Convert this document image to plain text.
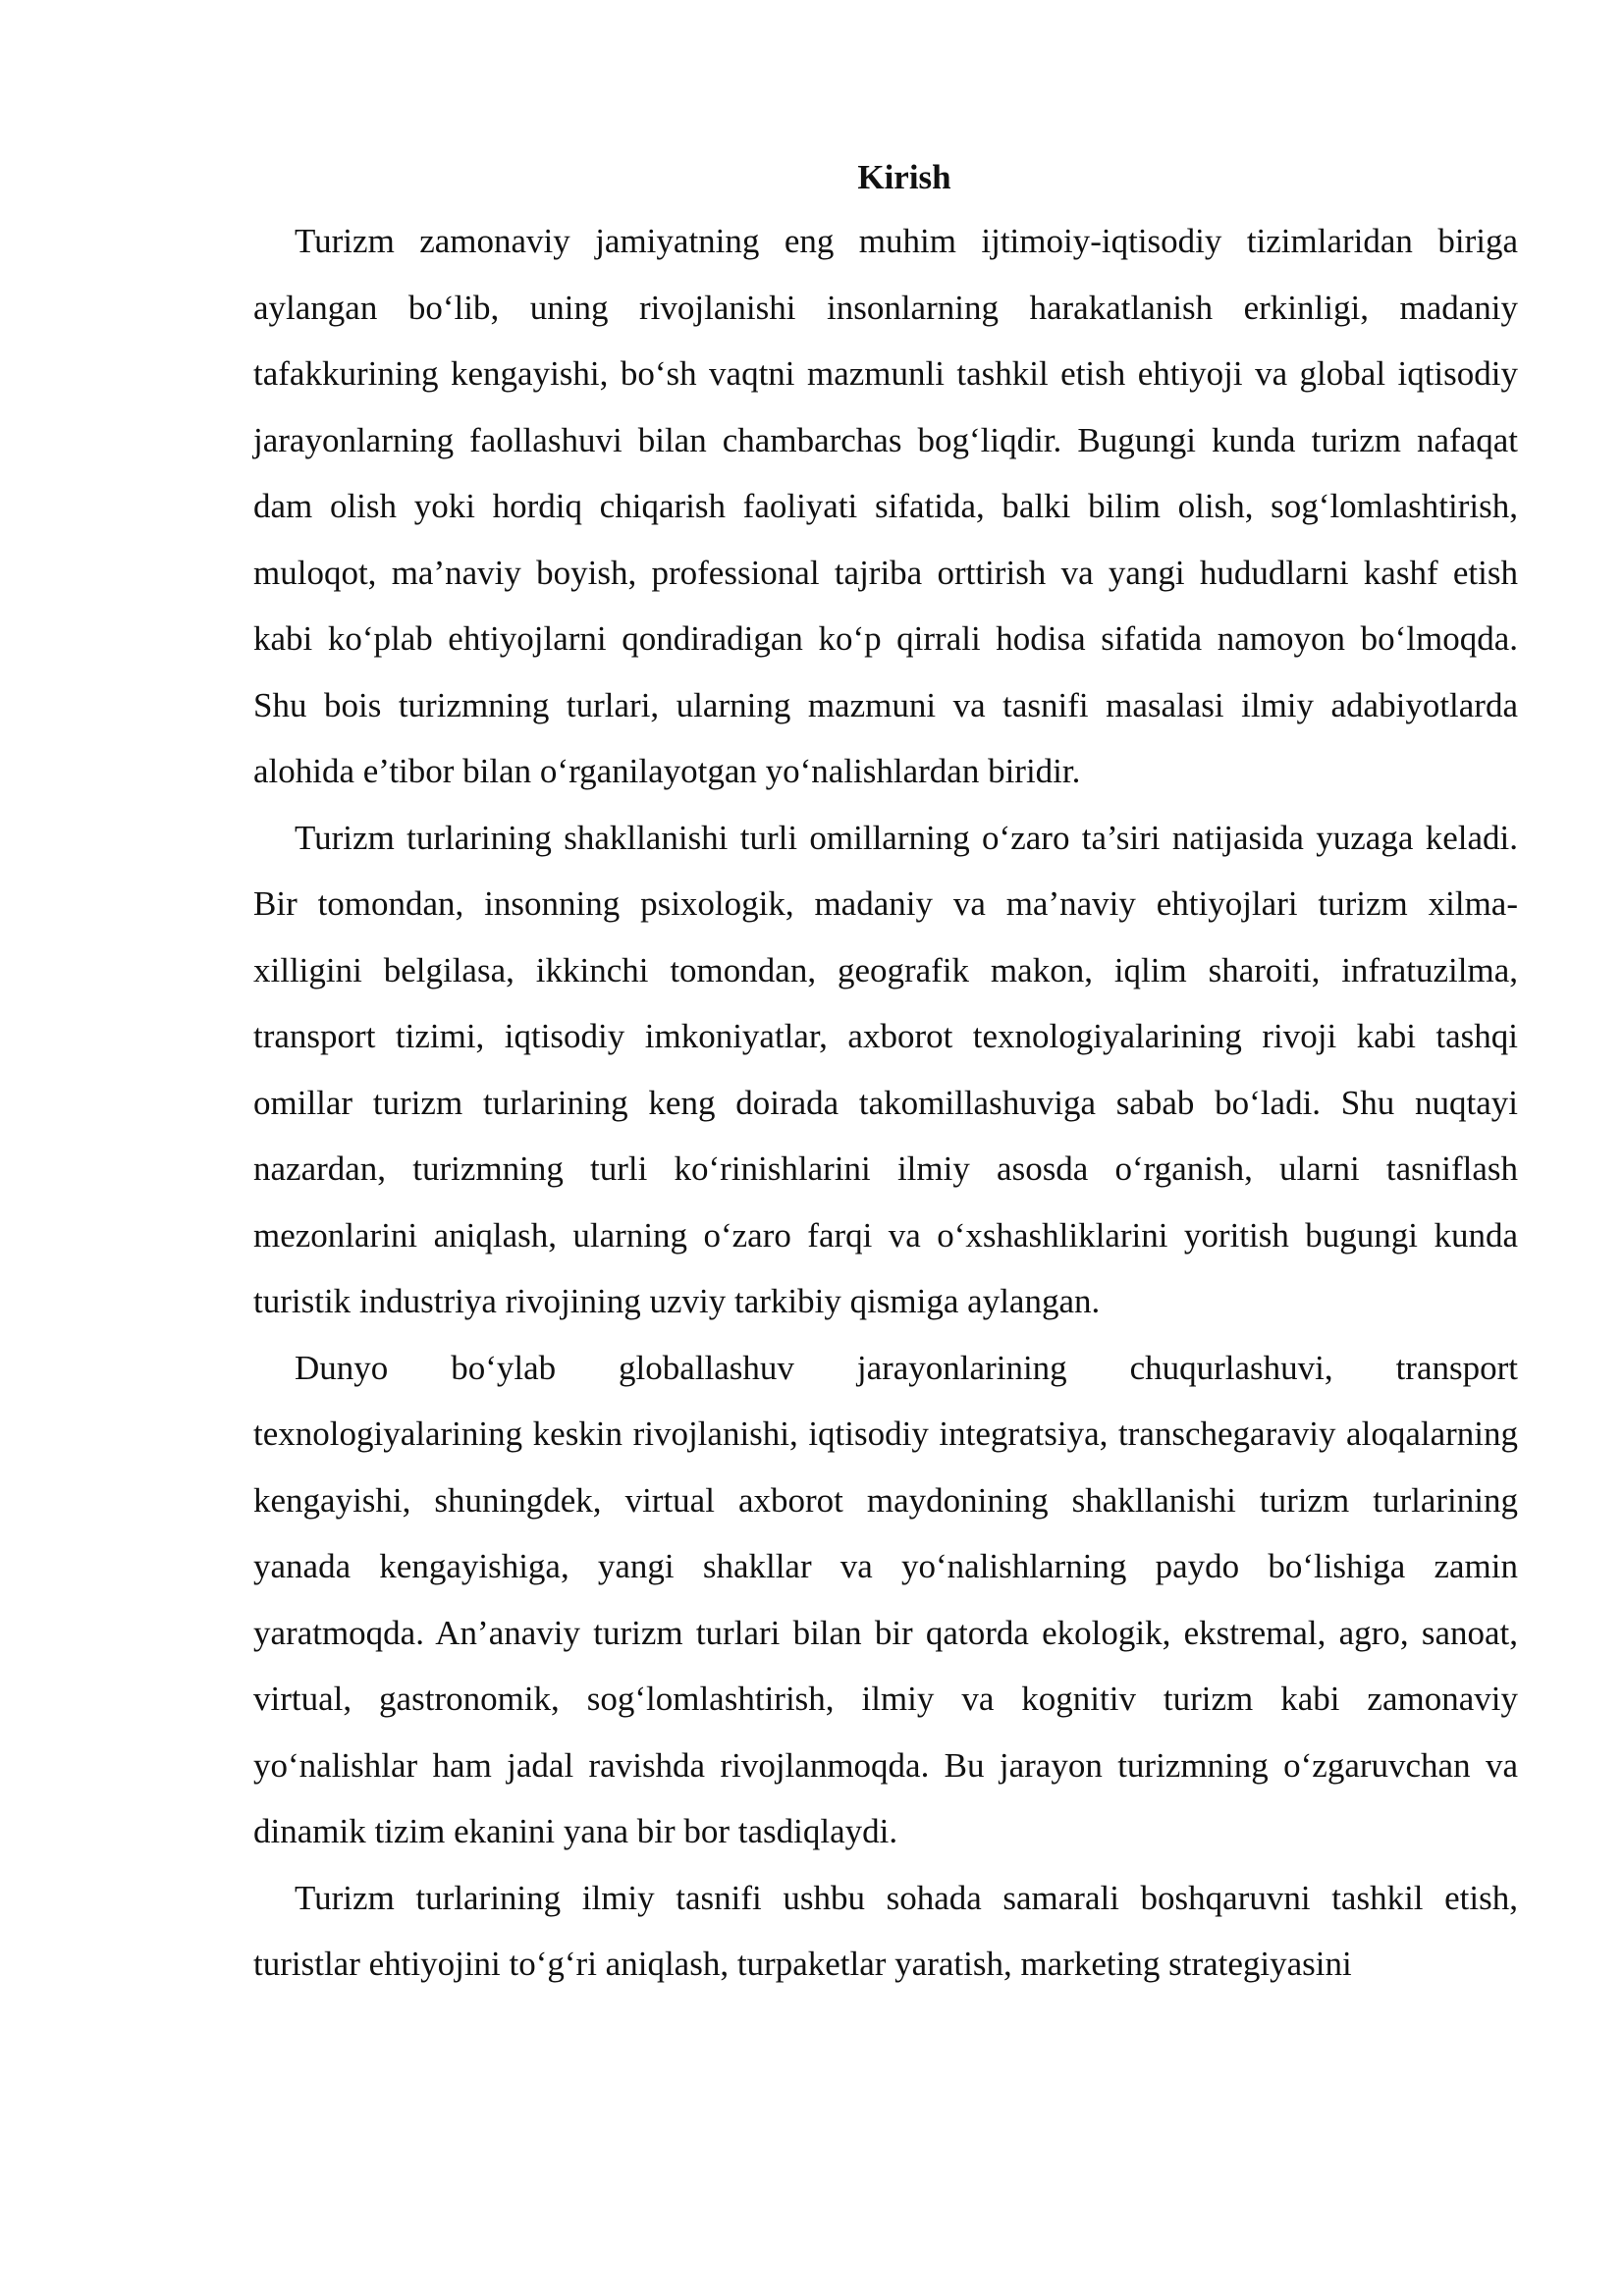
Kirish

Turizm zamonaviy jamiyatning eng muhim ijtimoiy-iqtisodiy tizimlaridan biriga aylangan bo‘lib, uning rivojlanishi insonlarning harakatlanish erkinligi, madaniy tafakkurining kengayishi, bo‘sh vaqtni mazmunli tashkil etish ehtiyoji va global iqtisodiy jarayonlarning faollashuvi bilan chambarchas bog‘liqdir. Bugungi kunda turizm nafaqat dam olish yoki hordiq chiqarish faoliyati sifatida, balki bilim olish, sog‘lomlashtirish, muloqot, ma’naviy boyish, professional tajriba orttirish va yangi hududlarni kashf etish kabi ko‘plab ehtiyojlarni qondiradigan ko‘p qirrali hodisa sifatida namoyon bo‘lmoqda. Shu bois turizmning turlari, ularning mazmuni va tasnifi masalasi ilmiy adabiyotlarda alohida e’tibor bilan o‘rganilayotgan yo‘nalishlardan biridir.

Turizm turlarining shakllanishi turli omillarning o‘zaro ta’siri natijasida yuzaga keladi. Bir tomondan, insonning psixologik, madaniy va ma’naviy ehtiyojlari turizm xilma-xilligini belgilasa, ikkinchi tomondan, geografik makon, iqlim sharoiti, infratuzilma, transport tizimi, iqtisodiy imkoniyatlar, axborot texnologiyalarining rivoji kabi tashqi omillar turizm turlarining keng doirada takomillashuviga sabab bo‘ladi. Shu nuqtayi nazardan, turizmning turli ko‘rinishlarini ilmiy asosda o‘rganish, ularni tasniflash mezonlarini aniqlash, ularning o‘zaro farqi va o‘xshashliklarini yoritish bugungi kunda turistik industriya rivojining uzviy tarkibiy qismiga aylangan.

Dunyo bo‘ylab globallashuv jarayonlarining chuqurlashuvi, transport texnologiyalarining keskin rivojlanishi, iqtisodiy integratsiya, transchegaraviy aloqalarning kengayishi, shuningdek, virtual axborot maydonining shakllanishi turizm turlarining yanada kengayishiga, yangi shakllar va yo‘nalishlarning paydo bo‘lishiga zamin yaratmoqda. An’anaviy turizm turlari bilan bir qatorda ekologik, ekstremal, agro, sanoat, virtual, gastronomik, sog‘lomlashtirish, ilmiy va kognitiv turizm kabi zamonaviy yo‘nalishlar ham jadal ravishda rivojlanmoqda. Bu jarayon turizmning o‘zgaruvchan va dinamik tizim ekanini yana bir bor tasdiqlaydi.

Turizm turlarining ilmiy tasnifi ushbu sohada samarali boshqaruvni tashkil etish, turistlar ehtiyojini to‘g‘ri aniqlash, turpaketlar yaratish, marketing strategiyasini
